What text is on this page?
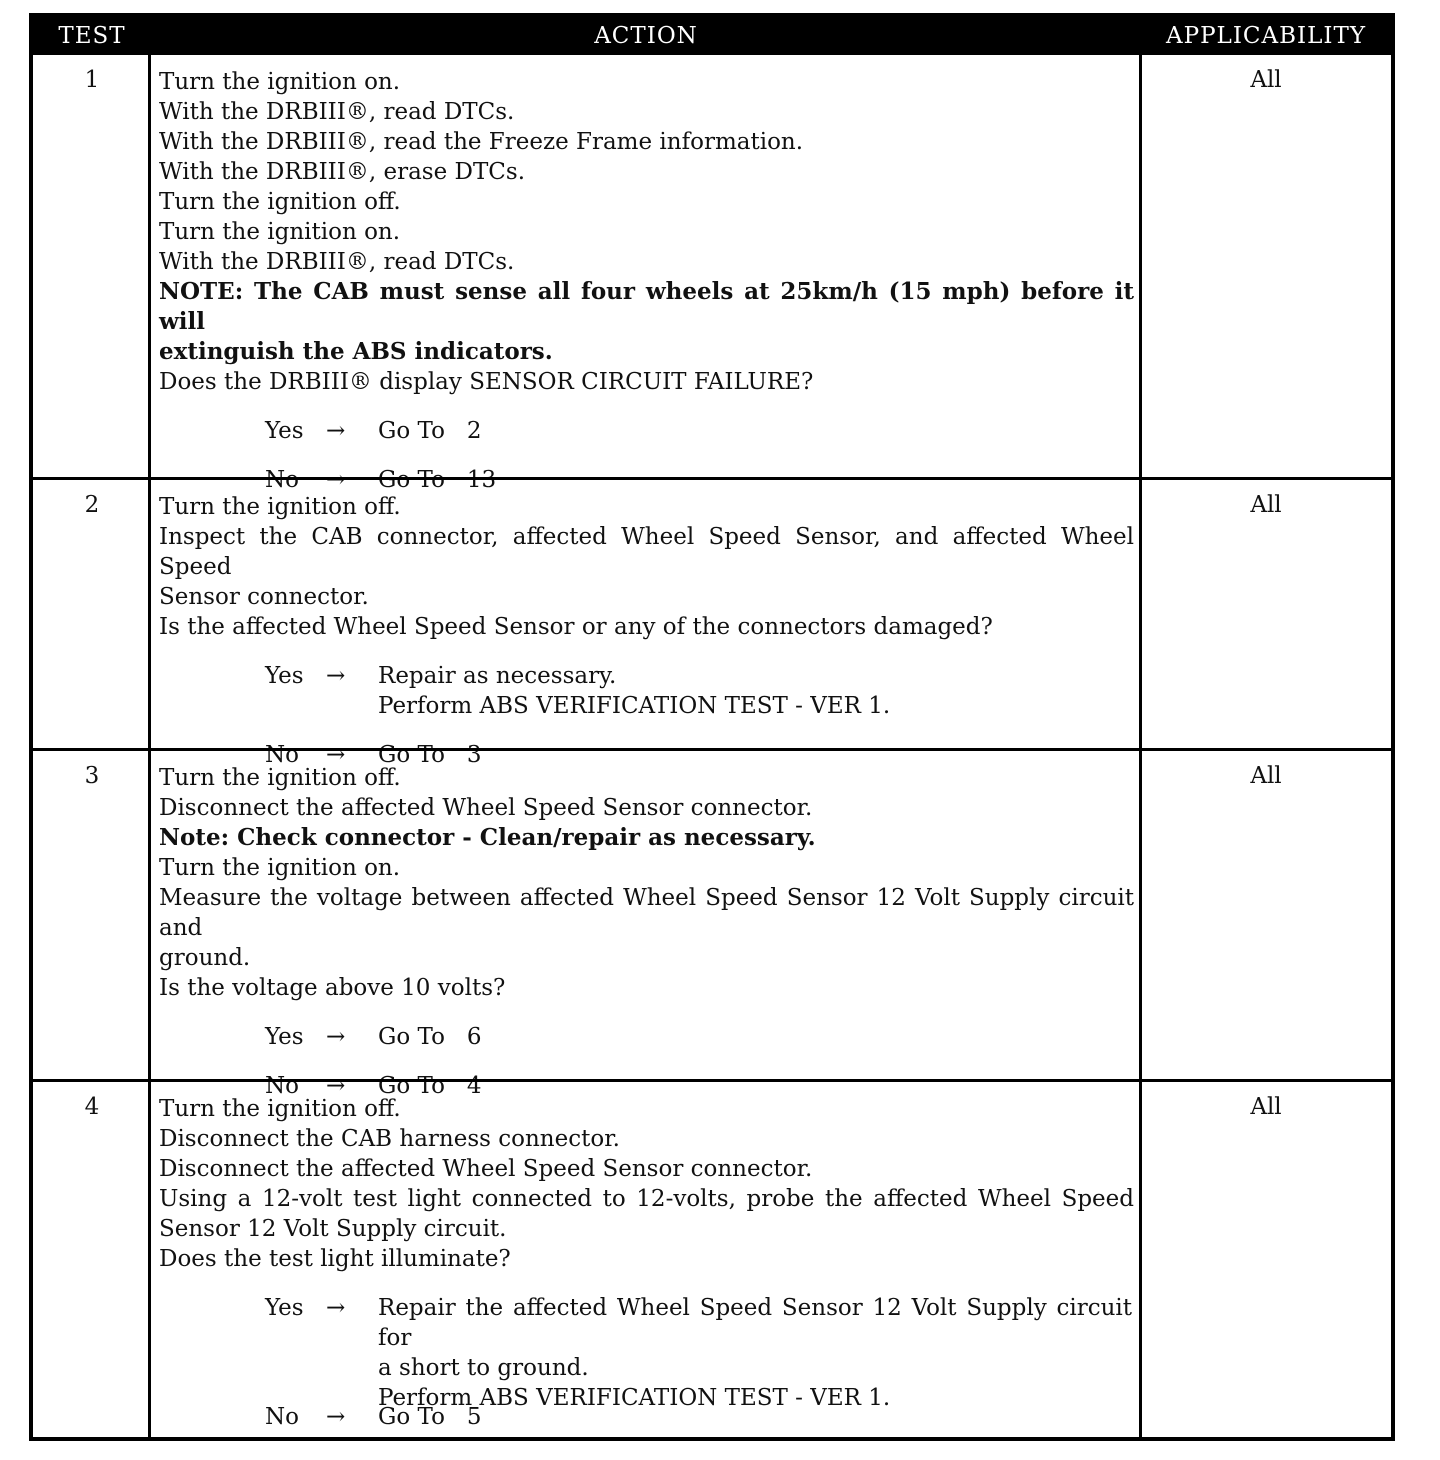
TEST	ACTION	APPLICABILITY
1	Turn the ignition on.
With the DRBIII®, read DTCs.
With the DRBIII®, read the Freeze Frame information.
With the DRBIII®, erase DTCs.
Turn the ignition off.
Turn the ignition on.
With the DRBIII®, read DTCs.
NOTE: The CAB must sense all four wheels at 25km/h (15 mph) before it will
extinguish the ABS indicators.
Does the DRBIII® display SENSOR CIRCUIT FAILURE?
Yes → Go To   2
No → Go To   13
All
2	Turn the ignition off.
Inspect the CAB connector, affected Wheel Speed Sensor, and affected Wheel Speed
Sensor connector.
Is the affected Wheel Speed Sensor or any of the connectors damaged?
Yes → Repair as necessary.
Perform ABS VERIFICATION TEST - VER 1.
No → Go To   3
All
3	Turn the ignition off.
Disconnect the affected Wheel Speed Sensor connector.
Note: Check connector - Clean/repair as necessary.
Turn the ignition on.
Measure the voltage between affected Wheel Speed Sensor 12 Volt Supply circuit and
ground.
Is the voltage above 10 volts?
Yes → Go To   6
No → Go To   4
All
4	Turn the ignition off.
Disconnect the CAB harness connector.
Disconnect the affected Wheel Speed Sensor connector.
Using a 12-volt test light connected to 12-volts, probe the affected Wheel Speed
Sensor 12 Volt Supply circuit.
Does the test light illuminate?
Yes → Repair the affected Wheel Speed Sensor 12 Volt Supply circuit for
a short to ground.
Perform ABS VERIFICATION TEST - VER 1.
No → Go To   5
All
